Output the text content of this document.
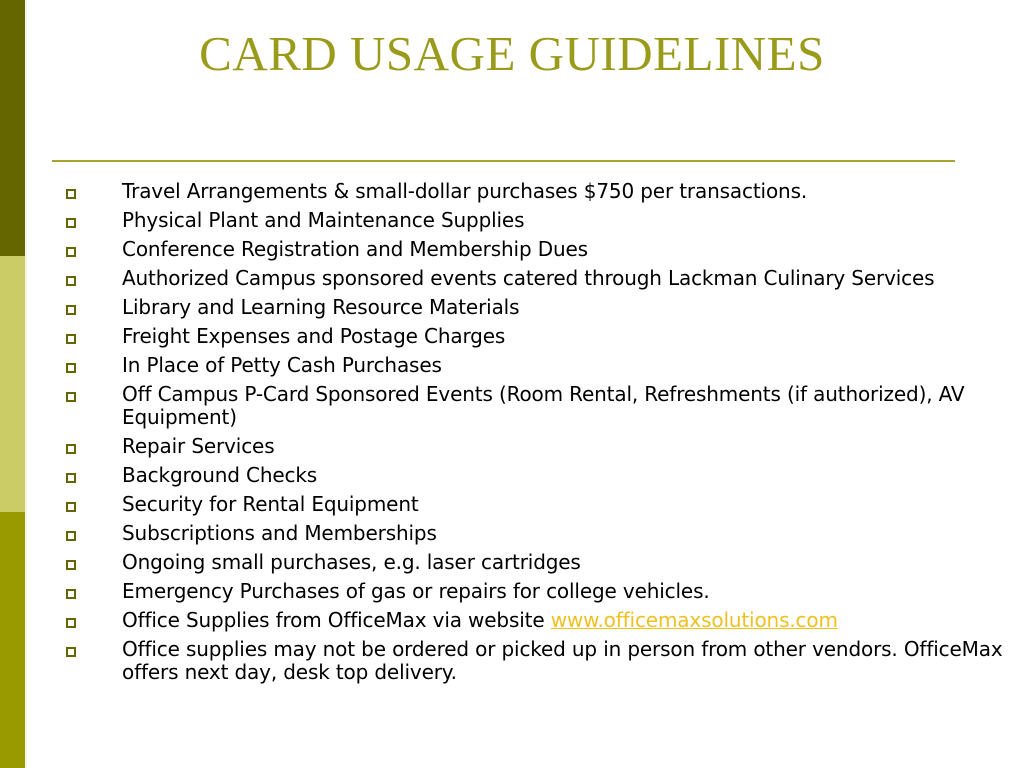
CARD USAGE GUIDELINES
Travel Arrangements & small-dollar purchases $750 per transactions.
Physical Plant and Maintenance Supplies
Conference Registration and Membership Dues
Authorized Campus sponsored events catered through Lackman Culinary Services
Library and Learning Resource Materials
Freight Expenses and Postage Charges
In Place of Petty Cash Purchases
Off Campus P-Card Sponsored Events (Room Rental, Refreshments (if authorized), AV Equipment)
Repair Services
Background Checks
Security for Rental Equipment
Subscriptions and Memberships
Ongoing small purchases, e.g. laser cartridges
Emergency Purchases of gas or repairs for college vehicles.
Office Supplies from OfficeMax via website www.officemaxsolutions.com
Office supplies may not be ordered or picked up in person from other vendors. OfficeMax offers next day, desk top delivery.
